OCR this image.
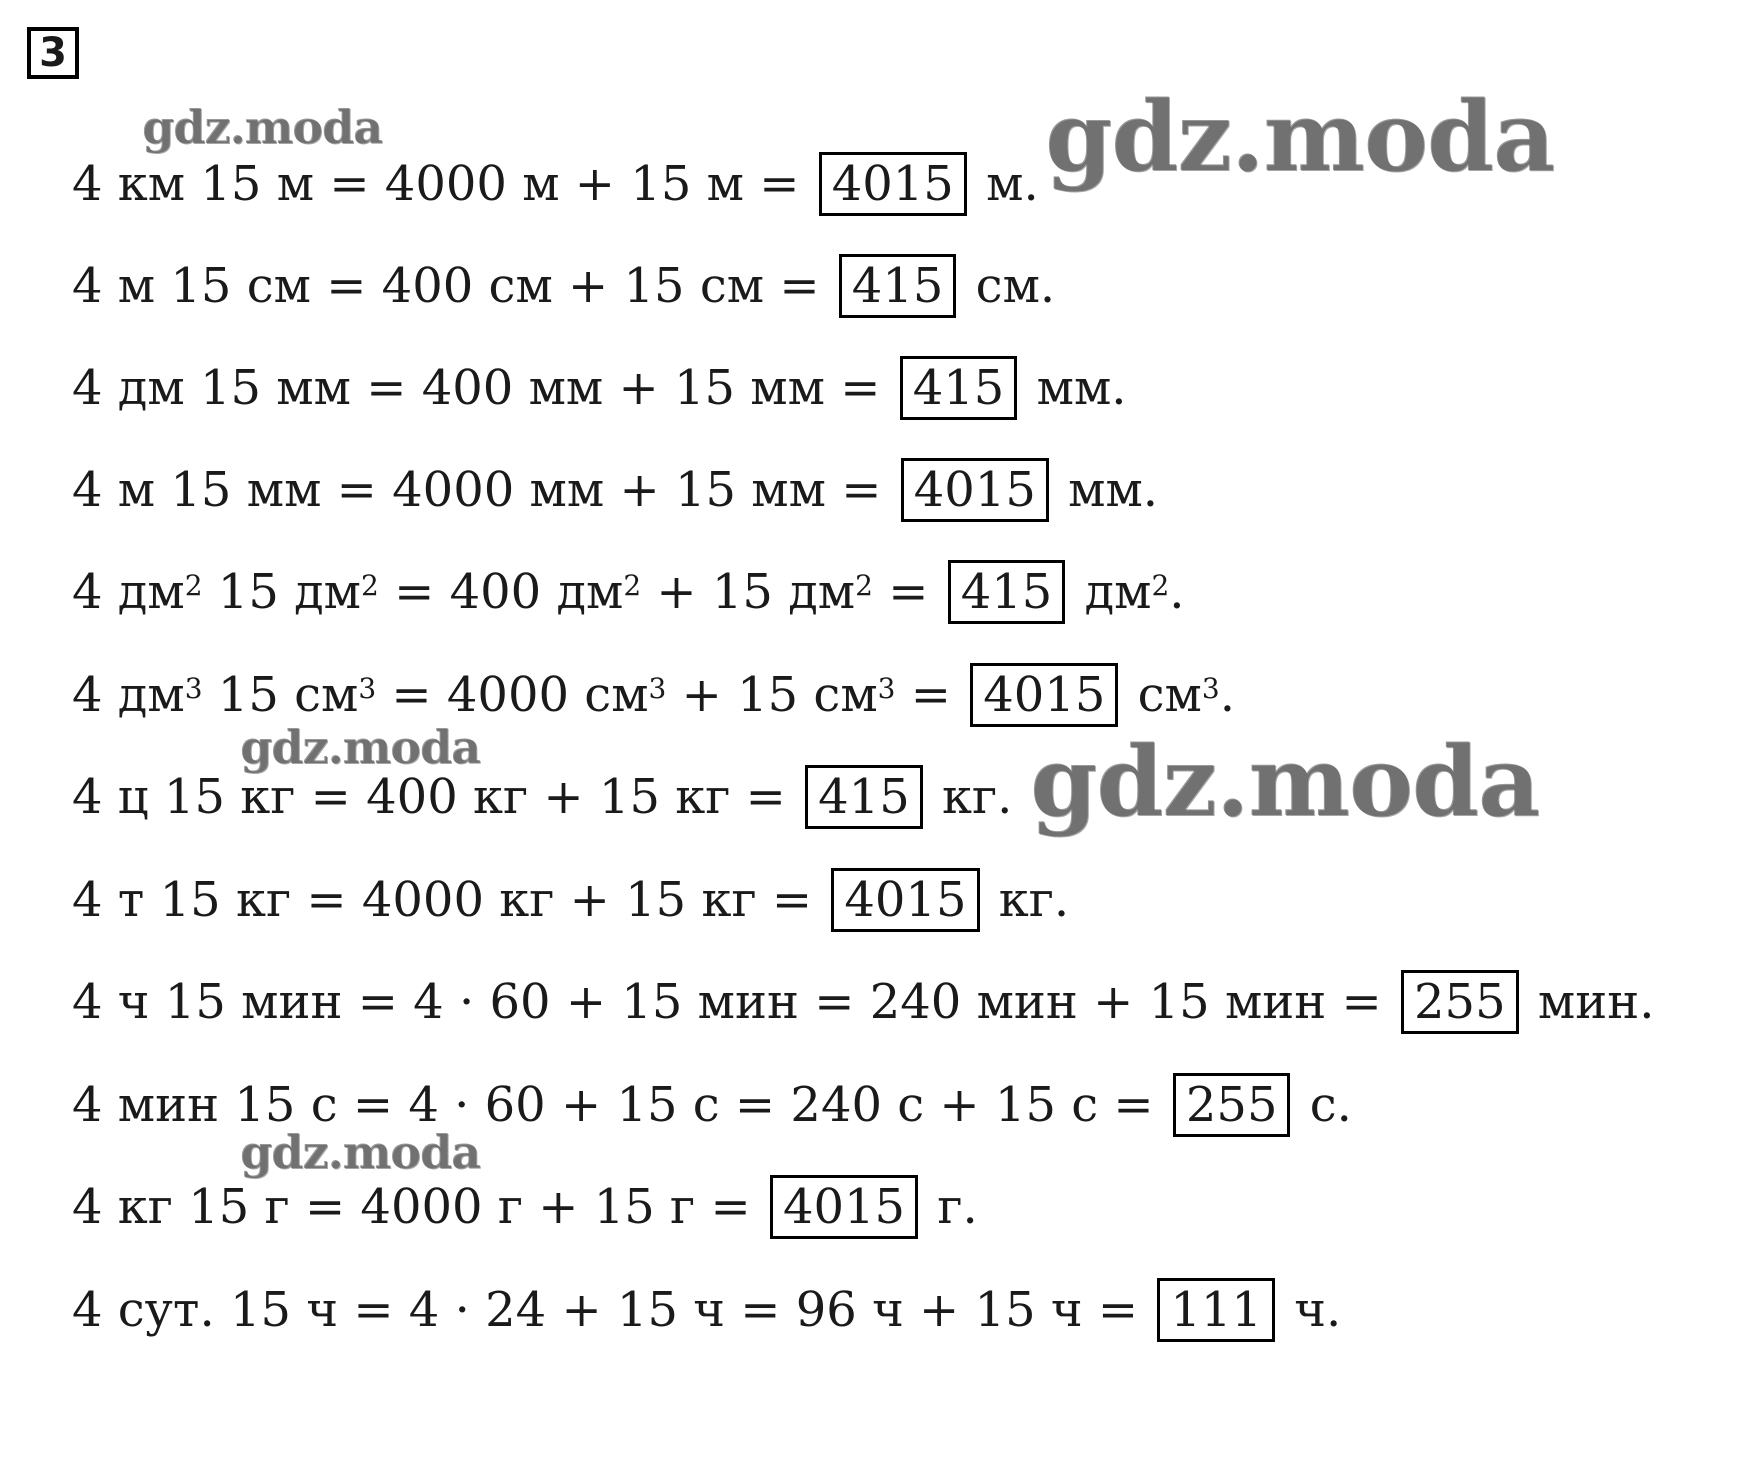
3
4 км 15 м = 4000 м + 15 м = 4015 м.
4 м 15 см = 400 см + 15 см = 415 см.
4 дм 15 мм = 400 мм + 15 мм = 415 мм.
4 м 15 мм = 4000 мм + 15 мм = 4015 мм.
4 $дм^2$ 15 $дм^2 = 400$ $дм^2 + 15$ $дм^2 = 415$ $дм^2$.
4 $дм^3$ 15 $см^3 = 4000$ $см^3 + 15$ $см^3 = 4015$ $см^3$.
4 ц 15 кг = 400 кг + 15 кг = 415 кг.
4 т 15 кг = 4000 кг + 15 кг = 4015 кг.
4 ч 15 мин = 4 · 60 + 15 мин = 240 мин + 15 мин = 255 мин.
4 мин 15 с = 4 · 60 + 15 с = 240 с + 15 с = 255 с.
4 кг 15 г = 4000 г + 15 г = 4015 г.
4 сут. 15 ч = 4 · 24 + 15 ч = 96 ч + 15 ч = 111 ч.
gdz.moda	gdz.moda
gdz.moda	gdz.moda
gdz.moda
